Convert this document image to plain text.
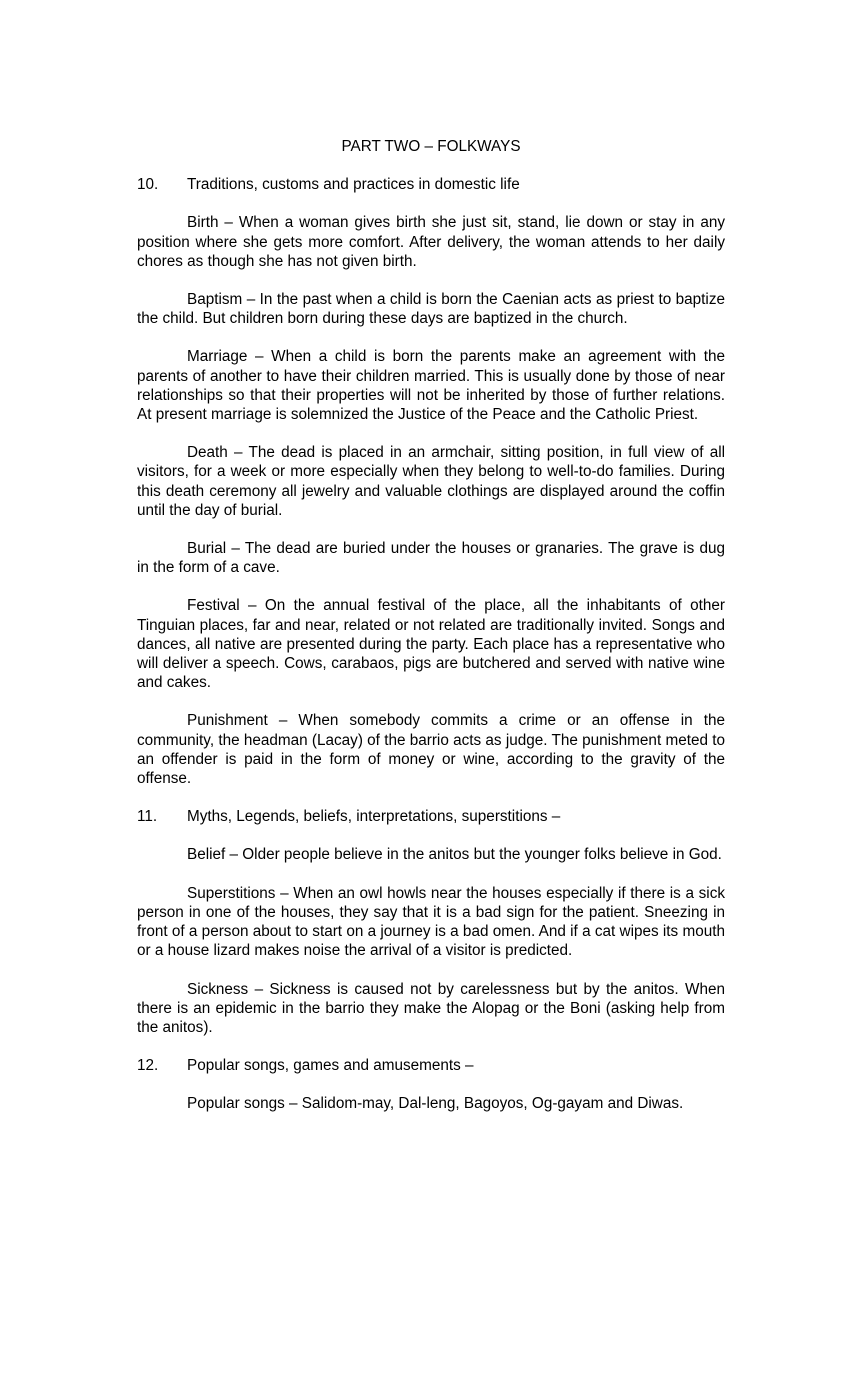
PART TWO – FOLKWAYS
10.	Traditions, customs and practices in domestic life

Birth – When a woman gives birth she just sit, stand, lie down or stay in any position where she gets more comfort. After delivery, the woman attends to her daily chores as though she has not given birth.

Baptism – In the past when a child is born the Caenian acts as priest to baptize the child. But children born during these days are baptized in the church.

Marriage – When a child is born the parents make an agreement with the parents of another to have their children married. This is usually done by those of near relationships so that their properties will not be inherited by those of further relations. At present marriage is solemnized the Justice of the Peace and the Catholic Priest.

Death – The dead is placed in an armchair, sitting position, in full view of all visitors, for a week or more especially when they belong to well-to-do families. During this death ceremony all jewelry and valuable clothings are displayed around the coffin until the day of burial.

Burial – The dead are buried under the houses or granaries. The grave is dug in the form of a cave.

Festival – On the annual festival of the place, all the inhabitants of other Tinguian places, far and near, related or not related are traditionally invited. Songs and dances, all native are presented during the party. Each place has a representative who will deliver a speech. Cows, carabaos, pigs are butchered and served with native wine and cakes.

Punishment – When somebody commits a crime or an offense in the community, the headman (Lacay) of the barrio acts as judge. The punishment meted to an offender is paid in the form of money or wine, according to the gravity of the offense.

11.	Myths, Legends, beliefs, interpretations, superstitions –

Belief – Older people believe in the anitos but the younger folks believe in God.

Superstitions – When an owl howls near the houses especially if there is a sick person in one of the houses, they say that it is a bad sign for the patient. Sneezing in front of a person about to start on a journey is a bad omen. And if a cat wipes its mouth or a house lizard makes noise the arrival of a visitor is predicted.

Sickness – Sickness is caused not by carelessness but by the anitos. When there is an epidemic in the barrio they make the Alopag or the Boni (asking help from the anitos).

12.	Popular songs, games and amusements –

Popular songs – Salidom-may, Dal-leng, Bagoyos, Og-gayam and Diwas.
